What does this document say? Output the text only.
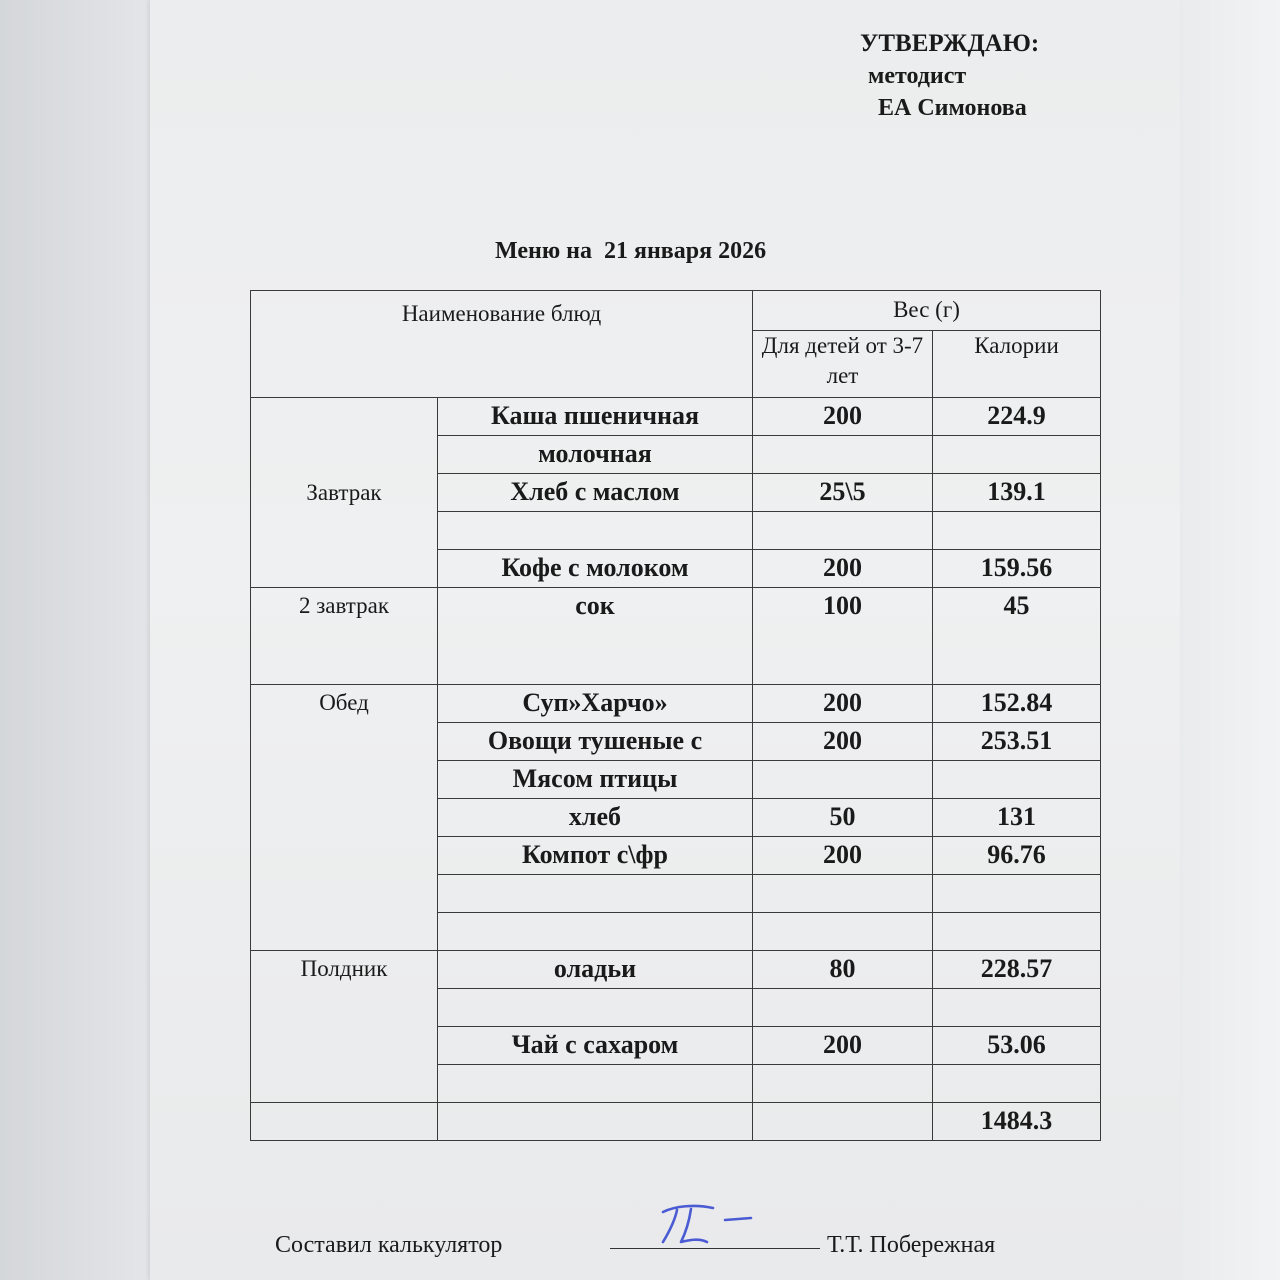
УТВЕРЖДАЮ:
методист
ЕА Симонова
Меню на  21 января 2026
Наименование блюд		Вес (г)	
		Для детей от 3-7 лет	Калории
Завтрак	Каша пшеничная	200	224.9
	молочная		
	Хлеб с маслом	25\5	139.1

	Кофе с молоком	200	159.56
2 завтрак	сок	100	45
Обед	Суп»Харчо»	200	152.84
	Овощи тушеные с	200	253.51
	Мясом птицы		
	хлеб	50	131
	Компот с\фр	200	96.76

Полдник	оладьи	80	228.57

	Чай с сахаром	200	53.06

			1484.3
Составил калькулятор	Т.Т. Побережная
